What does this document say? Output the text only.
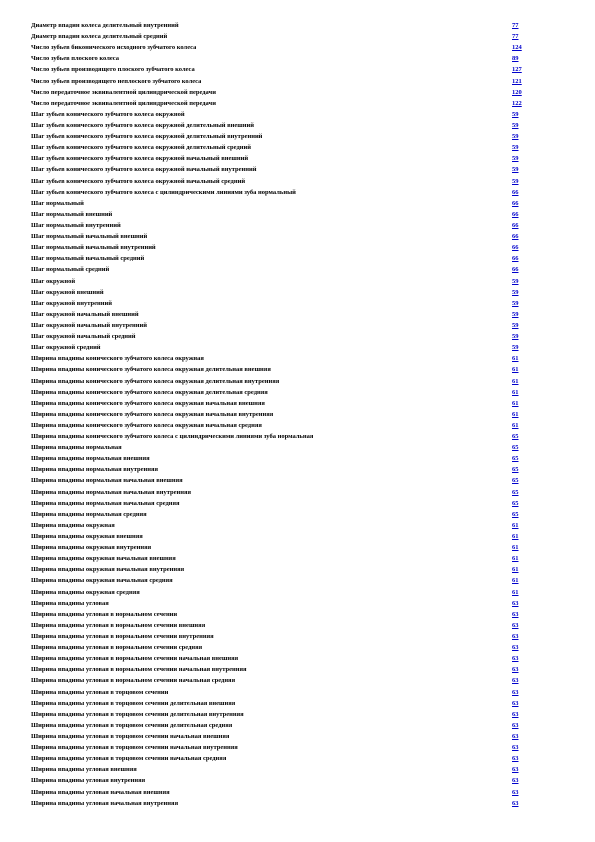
Диаметр впадин колеса делительный внутренний	77
Диаметр впадин колеса делительный средний	77
Число зубьев биконического исходного зубчатого колеса	124
Число зубьев плоского колеса	89
Число зубьев производящего плоского зубчатого колеса	127
Число зубьев производящего неплоского зубчатого колеса	121
Число передаточное эквивалентной цилиндрической передачи	120
Число передаточное эквивалентной цилиндрической передачи	122
Шаг зубьев конического зубчатого колеса окружной	59
Шаг зубьев конического зубчатого колеса окружной делительный внешний	59
Шаг зубьев конического зубчатого колеса окружной делительный внутренний	59
Шаг зубьев конического зубчатого колеса окружной делительный средний	59
Шаг зубьев конического зубчатого колеса окружной начальный внешний	59
Шаг зубьев конического зубчатого колеса окружной начальный внутренний	59
Шаг зубьев конического зубчатого колеса окружной начальный средний	59
Шаг зубьев конического зубчатого колеса с цилиндрическими линиями зуба нормальный	66
Шаг нормальный	66
Шаг нормальный внешний	66
Шаг нормальный внутренний	66
Шаг нормальный начальный внешний	66
Шаг нормальный начальный внутренний	66
Шаг нормальный начальный средний	66
Шаг нормальный средний	66
Шаг окружной	59
Шаг окружной внешний	59
Шаг окружной внутренний	59
Шаг окружной начальный внешний	59
Шаг окружной начальный внутренний	59
Шаг окружной начальный средний	59
Шаг окружной средний	59
Ширина впадины конического зубчатого колеса окружная	61
Ширина впадины конического зубчатого колеса окружная делительная внешняя	61
Ширина впадины конического зубчатого колеса окружная делительная внутренняя	61
Ширина впадины конического зубчатого колеса окружная делительная средняя	61
Ширина впадины конического зубчатого колеса окружная начальная внешняя	61
Ширина впадины конического зубчатого колеса окружная начальная внутренняя	61
Ширина впадины конического зубчатого колеса окружная начальная средняя	61
Ширина впадины конического зубчатого колеса с цилиндрическими линиями зуба нормальная	65
Ширина впадины нормальная	65
Ширина впадины нормальная внешняя	65
Ширина впадины нормальная внутренняя	65
Ширина впадины нормальная начальная внешняя	65
Ширина впадины нормальная начальная внутренняя	65
Ширина впадины нормальная начальная средняя	65
Ширина впадины нормальная средняя	65
Ширина впадины окружная	61
Ширина впадины окружная внешняя	61
Ширина впадины окружная внутренняя	61
Ширина впадины окружная начальная внешняя	61
Ширина впадины окружная начальная внутренняя	61
Ширина впадины окружная начальная средняя	61
Ширина впадины окружная средняя	61
Ширина впадины угловая	63
Ширина впадины угловая в нормальном сечении	63
Ширина впадины угловая в нормальном сечении внешняя	63
Ширина впадины угловая в нормальном сечении внутренняя	63
Ширина впадины угловая в нормальном сечении средняя	63
Ширина впадины угловая в нормальном сечении начальная внешняя	63
Ширина впадины угловая в нормальном сечении начальная внутренняя	63
Ширина впадины угловая в нормальном сечении начальная средняя	63
Ширина впадины угловая в торцовом сечении	63
Ширина впадины угловая в торцовом сечении делительная внешняя	63
Ширина впадины угловая в торцовом сечении делительная внутренняя	63
Ширина впадины угловая в торцовом сечении делительная средняя	63
Ширина впадины угловая в торцовом сечении начальная внешняя	63
Ширина впадины угловая в торцовом сечении начальная внутренняя	63
Ширина впадины угловая в торцовом сечении начальная средняя	63
Ширина впадины угловая внешняя	63
Ширина впадины угловая внутренняя	63
Ширина впадины угловая начальная внешняя	63
Ширина впадины угловая начальная внутренняя	63
